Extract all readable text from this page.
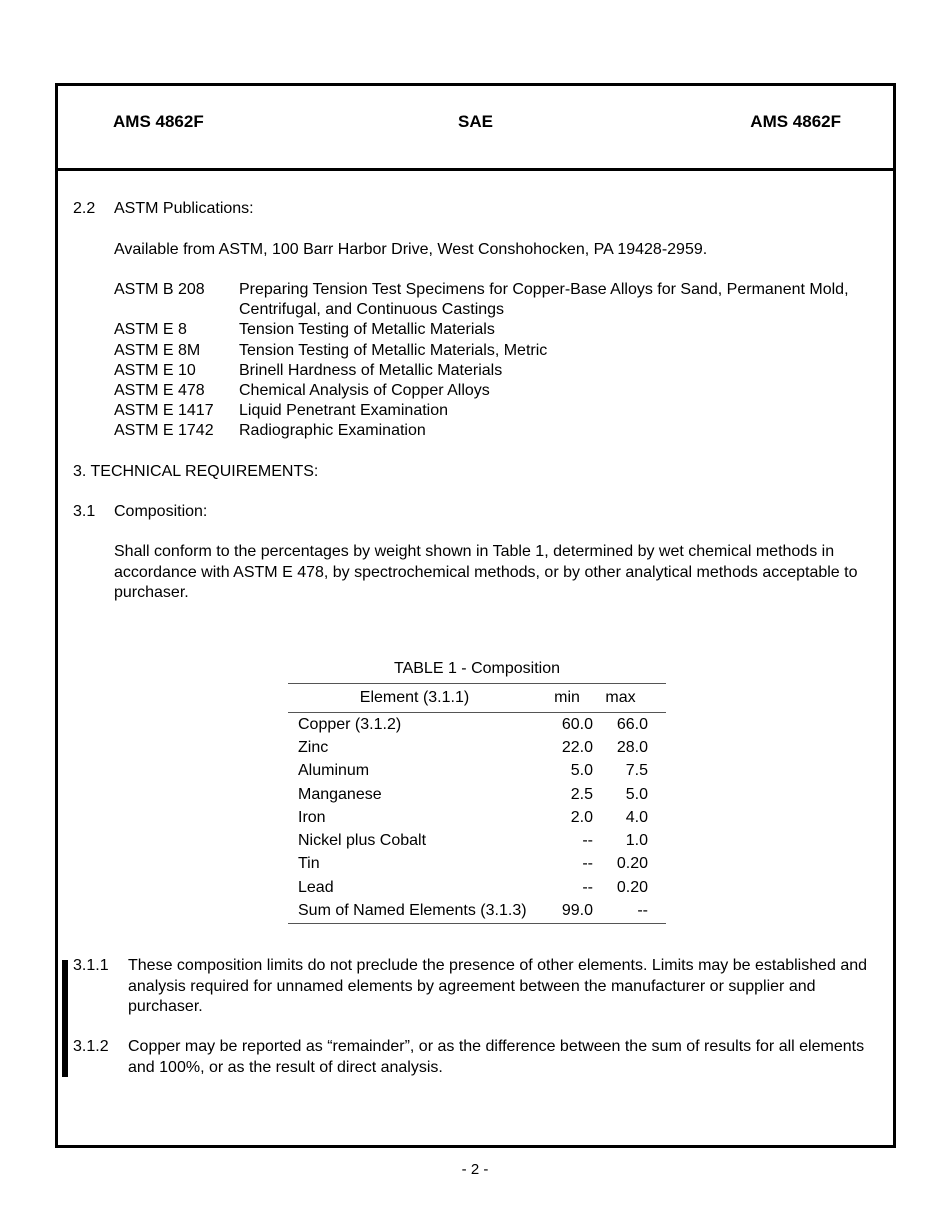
AMS 4862F	SAE	AMS 4862F
2.2 ASTM Publications:
Available from ASTM, 100 Barr Harbor Drive, West Conshohocken, PA 19428-2959.
ASTM B 208 Preparing Tension Test Specimens for Copper-Base Alloys for Sand, Permanent Mold, Centrifugal, and Continuous Castings
ASTM E 8	Tension Testing of Metallic Materials
ASTM E 8M Tension Testing of Metallic Materials, Metric
ASTM E 10	Brinell Hardness of Metallic Materials
ASTM E 478 Chemical Analysis of Copper Alloys
ASTM E 1417 Liquid Penetrant Examination
ASTM E 1742 Radiographic Examination
3. TECHNICAL REQUIREMENTS:
3.1 Composition:
Shall conform to the percentages by weight shown in Table 1, determined by wet chemical methods in accordance with ASTM E 478, by spectrochemical methods, or by other analytical methods acceptable to purchaser.
TABLE 1 - Composition
Element (3.1.1)	min	max
Copper (3.1.2)	60.0	66.0
Zinc	22.0	28.0
Aluminum	5.0	7.5
Manganese	2.5	5.0
Iron	2.0	4.0
Nickel plus Cobalt	--	1.0
Tin	--	0.20
Lead	--	0.20
Sum of Named Elements (3.1.3)	99.0	--
3.1.1 These composition limits do not preclude the presence of other elements. Limits may be established and analysis required for unnamed elements by agreement between the manufacturer or supplier and purchaser.
3.1.2 Copper may be reported as “remainder”, or as the difference between the sum of results for all elements and 100%, or as the result of direct analysis.
- 2 -
